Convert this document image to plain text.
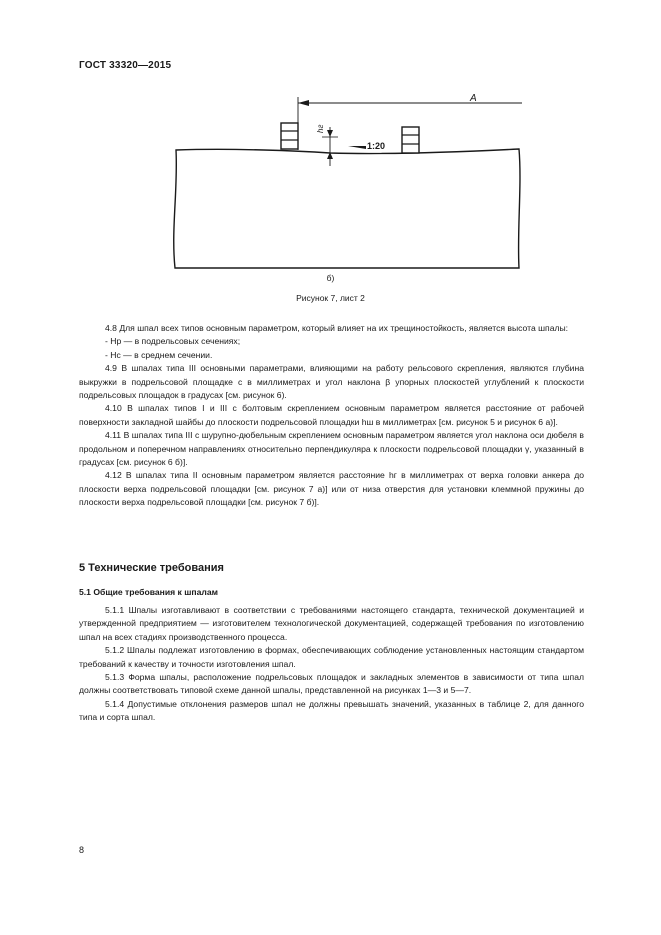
ГОСТ 33320—2015
A
hг
1:20
б)
Рисунок 7, лист 2

4.8 Для шпал всех типов основным параметром, который влияет на их трещиностойкость, является высота шпалы:

- Hр — в подрельсовых сечениях;

- Hс — в среднем сечении.

4.9 В шпалах типа III основными параметрами, влияющими на работу рельсового скрепления, являются глубина выкружки в подрельсовой площадке c в миллиметрах и угол наклона β упорных плоскостей углублений к плоскости подрельсовых площадок в градусах [см. рисунок 6).

4.10 В шпалах типов I и III с болтовым скреплением основным параметром является расстояние от рабочей поверхности закладной шайбы до плоскости подрельсовой площадки hш в миллиметрах [см. рисунок 5 и рисунок 6 а)].

4.11 В шпалах типа III с шурупно-дюбельным скреплением основным параметром является угол наклона оси дюбеля в продольном и поперечном направлениях относительно перпендикуляра к плоскости подрельсовой площадки γ, указанный в градусах [см. рисунок 6 б)].

4.12 В шпалах типа II основным параметром является расстояние hг в миллиметрах от верха головки анкера до плоскости верха подрельсовой площадки [см. рисунок 7 а)] или от низа отверстия для установки клеммной пружины до плоскости верха подрельсовой площадки [см. рисунок 7 б)].

5 Технические требования
5.1 Общие требования к шпалам

5.1.1 Шпалы изготавливают в соответствии с требованиями настоящего стандарта, технической документацией и утвержденной предприятием — изготовителем технологической документацией, содержащей требования по изготовлению шпал на всех стадиях производственного процесса.

5.1.2 Шпалы подлежат изготовлению в формах, обеспечивающих соблюдение установленных настоящим стандартом требований к качеству и точности изготовления шпал.

5.1.3 Форма шпалы, расположение подрельсовых площадок и закладных элементов в зависимости от типа шпал должны соответствовать типовой схеме данной шпалы, представленной на рисунках 1—3 и 5—7.

5.1.4 Допустимые отклонения размеров шпал не должны превышать значений, указанных в таблице 2, для данного типа и сорта шпал.

8
